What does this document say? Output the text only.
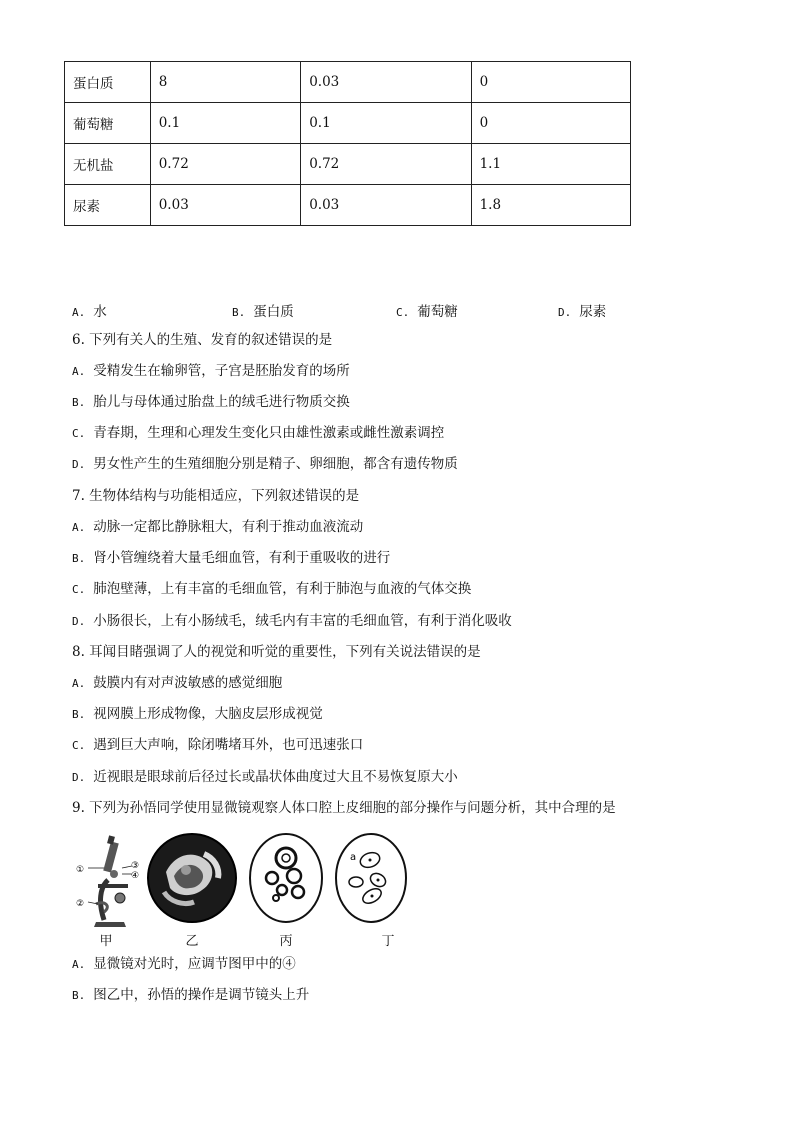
蛋白质	8	0.03	0
葡萄糖	0.1	0.1	0
无机盐	0.72	0.72	1.1
尿素	0.03	0.03	1.8
A. 水	B. 蛋白质	C. 葡萄糖	D. 尿素
6. 下列有关人的生殖、发育的叙述错误的是
A. 受精发生在输卵管，子宫是胚胎发育的场所
B. 胎儿与母体通过胎盘上的绒毛进行物质交换
C. 青春期，生理和心理发生变化只由雄性激素或雌性激素调控
D. 男女性产生的生殖细胞分别是精子、卵细胞，都含有遗传物质
7. 生物体结构与功能相适应，下列叙述错误的是
A. 动脉一定都比静脉粗大，有利于推动血液流动
B. 肾小管缠绕着大量毛细血管，有利于重吸收的进行
C. 肺泡壁薄，上有丰富的毛细血管，有利于肺泡与血液的气体交换
D. 小肠很长，上有小肠绒毛，绒毛内有丰富的毛细血管，有利于消化吸收
8. 耳闻目睹强调了人的视觉和听觉的重要性，下列有关说法错误的是
A. 鼓膜内有对声波敏感的感觉细胞
B. 视网膜上形成物像，大脑皮层形成视觉
C. 遇到巨大声响，除闭嘴堵耳外，也可迅速张口
D. 近视眼是眼球前后径过长或晶状体曲度过大且不易恢复原大小
9. 下列为孙悟同学使用显微镜观察人体口腔上皮细胞的部分操作与问题分析，其中合理的是
①
②
③
④
a
甲	乙	丙	丁
A. 显微镜对光时，应调节图甲中的④
B. 图乙中，孙悟的操作是调节镜头上升
